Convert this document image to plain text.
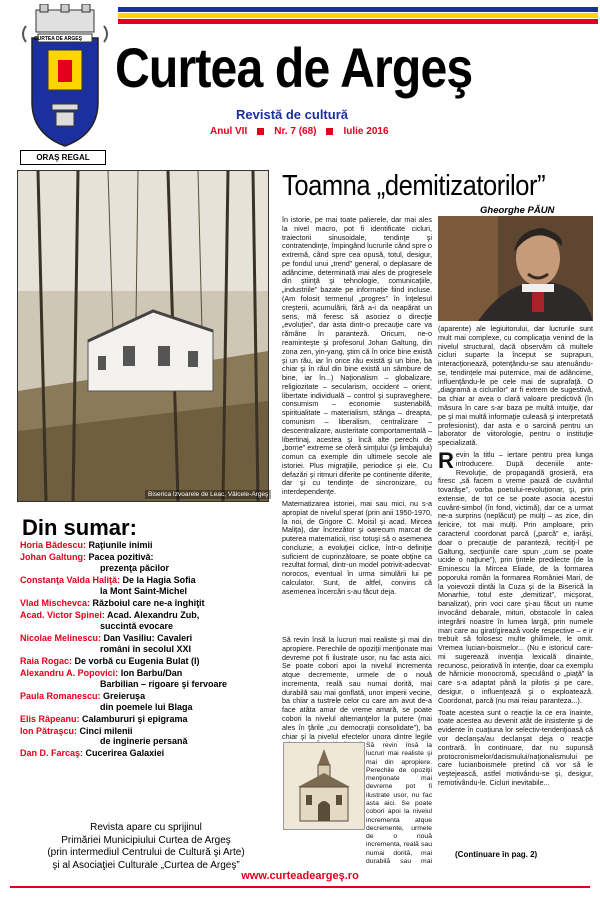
CURTEA DE ARGEŞ
ORAŞ REGAL
Curtea de Argeş
Revistă de cultură
Anul VII	Nr. 7 (68)	Iulie 2016
Biserica Izvoarele de Leac, Vâlcele-Argeş
Din sumar:
Horia Bădescu: Raţiunile inimii
Johan Galtung: Pacea pozitivă:
prezenţa păcilor
Constanţa Valda Haliţă: De la Hagia Sofia
la Mont Saint-Michel
Vlad Mischevca: Războiul care ne-a înghiţit
Acad. Victor Spinei: Acad. Alexandru Zub,
succintă evocare
Nicolae Melinescu: Dan Vasiliu: Cavaleri
români în secolul XXI
Raia Rogac: De vorbă cu Eugenia Bulat (I)
Alexandru A. Popovici: Ion Barbu/Dan
Barbilian – rigoare şi fervoare
Paula Romanescu: Greieruşa
din poemele lui Blaga
Elis Râpeanu: Calambururi şi epigrama
Ion Pătraşcu: Cinci milenii
de inginerie persană
Dan D. Farcaş: Cucerirea Galaxiei
Revista apare cu sprijinul
Primăriei Municipiului Curtea de Argeş
(prin intermediul Centrului de Cultură şi Arte)
şi al Asociaţiei Culturale „Curtea de Argeş”
Toamna „demitizatorilor”
Gheorghe PĂUN

În istorie, pe mai toate palierele, dar mai ales la nivel macro, pot fi identificate cicluri, traiectorii sinusoidale, tendinţe şi contratendinţe, împingând lucrurile când spre o extremă, când spre cea opusă, totul, desigur, pe fondul unui „trend” general, o deplasare de adâncime, determinată mai ales de progresele din ştiinţă şi tehnologie, comunicaţiile, „industriile” bazate pe informaţie fiind incluse. (Am folosit termenul „progres” în înţelesul creşterii, acumulării, fără a-i da neapărat un sens, mă feresc să asociez o direcţie „evoluţiei”, dar asta dintr-o precauţie care va rămâne în paranteză. Oricum, ne-o reaminteşte şi profesorul Johan Galtung, din zona zen, yin-yang, ştim că în orice bine există şi un rău, iar în orice rău există şi un bine, ba chiar şi în răul din bine există un sâmbure de bine, iar în...) Naţionalism – globalizare, religiozitate – secularism, occident – orient, libertate individuală – control şi supraveghere, consumism – economie sustenabilă, spiritualitate – materialism, stânga – dreapta, comunism – liberalism, centralizare – descentralizare, austeritate comportamentală – libertinaj, acestea şi încă alte perechi de „borne” extreme se oferă simţului (şi limbajului) comun ca exemple din ultimele secole ale istoriei. Plus migraţiile, periodice şi ele. Cu defazări şi ritmuri diferite pe continente diferite, dar şi cu tendinţe de sincronizare, cu interdependenţe.

Matematizarea istoriei, mai sau mici, nu s-a apropiat de nivelul sperat (prin anii 1950-1970, la noi, de Grigore C. Moisil şi acad. Mircea Maliţa), dar încrezător şi oarecum marcat de puterea matematicii, risc totuşi să o asemenea concluzie, a evoluţiei ciclice, într-o definiţie suficient de cuprinzătoare, se poate obţine ca rezultat formal, dintr-un model potrivit-adecvat-norocos, eventual în urma simulării lui pe calculator. Sunt, de altfel, convins că asemenea încercări s-au făcut deja.

Să revin însă la lucruri mai realiste şi mai din apropiere. Perechile de opoziţii menţionate mai devreme pot fi ilustrate usor, nu fac asta aici. Se poate cobori apoi la nivelul incrementa atque decremente, urmele de o nouă incrementa, reală sau numai dorită, mai durabilă sau mai gonflată, unor imperii vecine, ba chiar a tustrele celor cu care am avut de-a face atâta amar de vreme amară, se poate cobori la nivelul alternanţelor la putere (mai ales în ţările „cu democraţii consolidate”), ba chiar şi la nivelul efectelor unora dintre legile

Să revin însă la lucruri mai realiste şi mai din apropiere. Perechile de opoziţii menţionate mai devreme pot fi ilustrate usor, nu fac asta aici. Se poate cobori apoi la nivelul incrementa atque decremente, urmele de o nouă incrementa, reală sau numai dorită, mai durabilă sau mai

(aparente) ale legiuitorului, dar lucrurile sunt mult mai complexe, cu complicaţia venind de la nivelul structural, dacă observăm că multele cicluri suparte la început se suprapun, interacţionează, potenţându-se sau atenuându-se, tendinţele mai puternice, mai de adâncime, influenţându-le pe cele mai de suprafaţă. O „diagramă a ciclurilor” ar fi extrem de sugestivă, ba chiar ar avea o clară valoare predictivă (în măsura în care s-ar baza pe multă intuiţie, dar pe şi mai multă informaţie culeasă şi interpretată profesionist), dar asta e o sarcină pentru un laborator de viitorologie, pentru o instituţie specializată.

Revin la titlu – iertare pentru prea lunga introducere. După deceniile ante-Revoluţie, de propagandă grosieră, era firesc „să facem o vreme pauză de cuvântul tovarăşe”, vorba poetului-revoluţionar, şi, prin extensie, de tot ce se poate asocia acestui cuvânt-simbol (în fond, victimă), dar ce a urmat ne-a surprins (neplăcut) pe mulţi – as zice, din fericire, tot mai mulţi. Prin amploare, prin caracterul coordonat parcă („parcă” e, iarăşi, doar o precauţie de parantezâ, recitiţi-l pe Galtung, secţiunile care spun „cum se poate ucide o naţiune”), prin ţintele predilecte (de la Eminescu la Mircea Eliade, de la formarea poporului român la formarea României Mari, de la voievozii dintâi la Cuza şi de la Biserică la Monarhie, totul este „demitizat”, micşorat, banalizat), prin voci care şi-au făcut un nume invocând debarale, mituri, obstacole în calea integrării noastre în lumea largă, prin numele mari care au girat/gireazâ voole respective – e ir trebuit să folosesc multe ghilimele, le omit. Vremea lucian-boismelor... (Nu e istoricul care-mi sugerează invenţia lexicală dinainte, recunosc, peiorativă în intenţie, doar ca exemplu de hărnicie monocromă, speculând o „piaţă” la care s-a adaptat până la pilotis şi pe care, desigur, o influenţează şi o exploatează. Coordonat, parcă (nu mai reiau paranteza...).

Toate acestea sunt o reacţie la ce era înainte, toate acestea au devenit atât de insistente şi de evidente în cuaţiuna lor selectiv-tendenţioasă că vor declanşa/au declanşat deja o reacţie contrară. În continuare, dar nu supunsă protocronismelor/dacismului/naţionalismului pe care lucianboismele pretind că vor să le veştejească, astfel motivându-se şi, desigur, remotivându-le. Cicluri inevitabile...

(Continuare în pag. 2)
www.curteadeargeş.ro
